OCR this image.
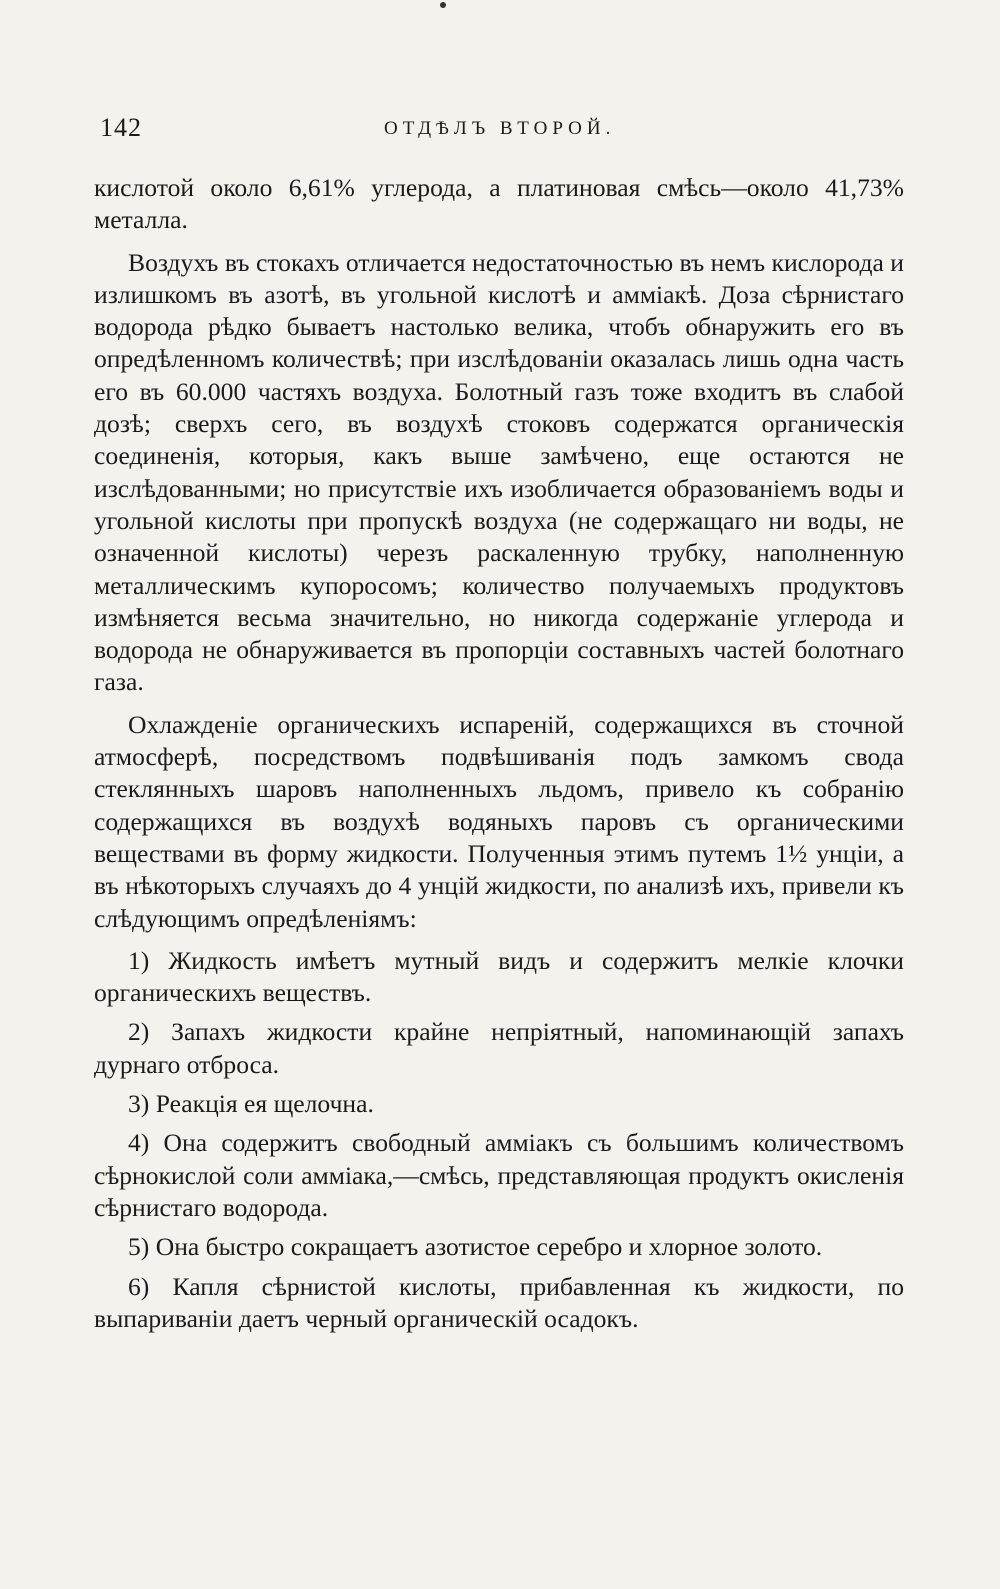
142	ОТДѢЛЪ ВТОРОЙ.

кислотой около 6,61% углерода, а платиновая смѣсь—около 41,73% металла.

Воздухъ въ стокахъ отличается недостаточностью въ немъ кислорода и излишкомъ въ азотѣ, въ угольной кислотѣ и амміакѣ. Доза сѣрнистаго водорода рѣдко бываетъ настолько велика, чтобъ обнаружить его въ опредѣленномъ количествѣ; при изслѣдованіи оказалась лишь одна часть его въ 60.000 частяхъ воздуха. Болотный газъ тоже входитъ въ слабой дозѣ; сверхъ сего, въ воздухѣ стоковъ содержатся органическія соединенія, которыя, какъ выше замѣчено, еще остаются не изслѣдованными; но присутствіе ихъ изобличается образованіемъ воды и угольной кислоты при пропускѣ воздуха (не содержащаго ни воды, не означенной кислоты) черезъ раскаленную трубку, наполненную металлическимъ купоросомъ; количество получаемыхъ продуктовъ измѣняется весьма значительно, но никогда содержаніе углерода и водорода не обнаруживается въ пропорціи составныхъ частей болотнаго газа.

Охлажденіе органическихъ испареній, содержащихся въ сточной атмосферѣ, посредствомъ подвѣшиванія подъ замкомъ свода стеклянныхъ шаровъ наполненныхъ льдомъ, привело къ собранію содержащихся въ воздухѣ водяныхъ паровъ съ органическими веществами въ форму жидкости. Полученныя этимъ путемъ 1½ унціи, а въ нѣкоторыхъ случаяхъ до 4 унцій жидкости, по анализѣ ихъ, привели къ слѣдующимъ опредѣленіямъ:

1) Жидкость имѣетъ мутный видъ и содержитъ мелкіе клочки органическихъ веществъ.

2) Запахъ жидкости крайне непріятный, напоминающій запахъ дурнаго отброса.

3) Реакція ея щелочна.

4) Она содержитъ свободный амміакъ съ большимъ количествомъ сѣрнокислой соли амміака,—смѣсь, представляющая продуктъ окисленія сѣрнистаго водорода.

5) Она быстро сокращаетъ азотистое серебро и хлорное золото.

6) Капля сѣрнистой кислоты, прибавленная къ жидкости, по выпариваніи даетъ черный органическій осадокъ.
